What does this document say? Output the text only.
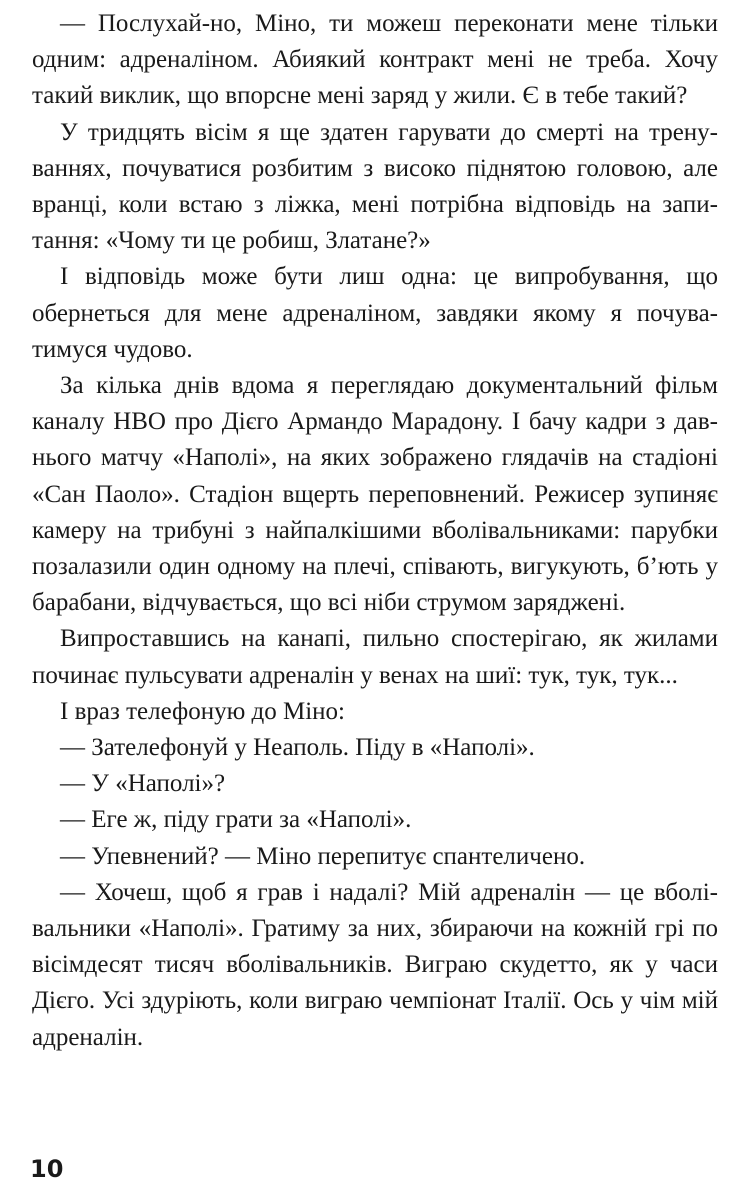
— Послухай-но, Міно, ти можеш переконати мене тільки одним: адреналіном. Абиякий контракт мені не треба. Хочу такий виклик, що впорсне мені заряд у жили. Є в тебе такий?

У тридцять вісім я ще здатен гарувати до смерті на тренуваннях, почуватися розбитим з високо піднятою головою, але вранці, коли встаю з ліжка, мені потрібна відповідь на запитання: «Чому ти це робиш, Златане?»

І відповідь може бути лиш одна: це випробування, що обернеться для мене адреналіном, завдяки якому я почуватимуся чудово.

За кілька днів вдома я переглядаю документальний фільм каналу HBO про Дієго Армандо Марадону. І бачу кадри з давнього матчу «Наполі», на яких зображено глядачів на стадіоні «Сан Паоло». Стадіон вщерть переповнений. Режисер зупиняє камеру на трибуні з найпалкішими вболівальниками: парубки позалазили один одному на плечі, співають, вигукують, б’ють у барабани, відчувається, що всі ніби струмом заряджені.

Випроставшись на канапі, пильно спостерігаю, як жилами починає пульсувати адреналін у венах на шиї: тук, тук, тук...

І враз телефоную до Міно:

— Зателефонуй у Неаполь. Піду в «Наполі».

— У «Наполі»?

— Еге ж, піду грати за «Наполі».

— Упевнений? — Міно перепитує спантеличено.

— Хочеш, щоб я грав і надалі? Мій адреналін — це вболівальники «Наполі». Гратиму за них, збираючи на кожній грі по вісімдесят тисяч вболівальників. Виграю скудетто, як у часи Дієго. Усі здуріють, коли виграю чемпіонат Італії. Ось у чім мій адреналін.

10
